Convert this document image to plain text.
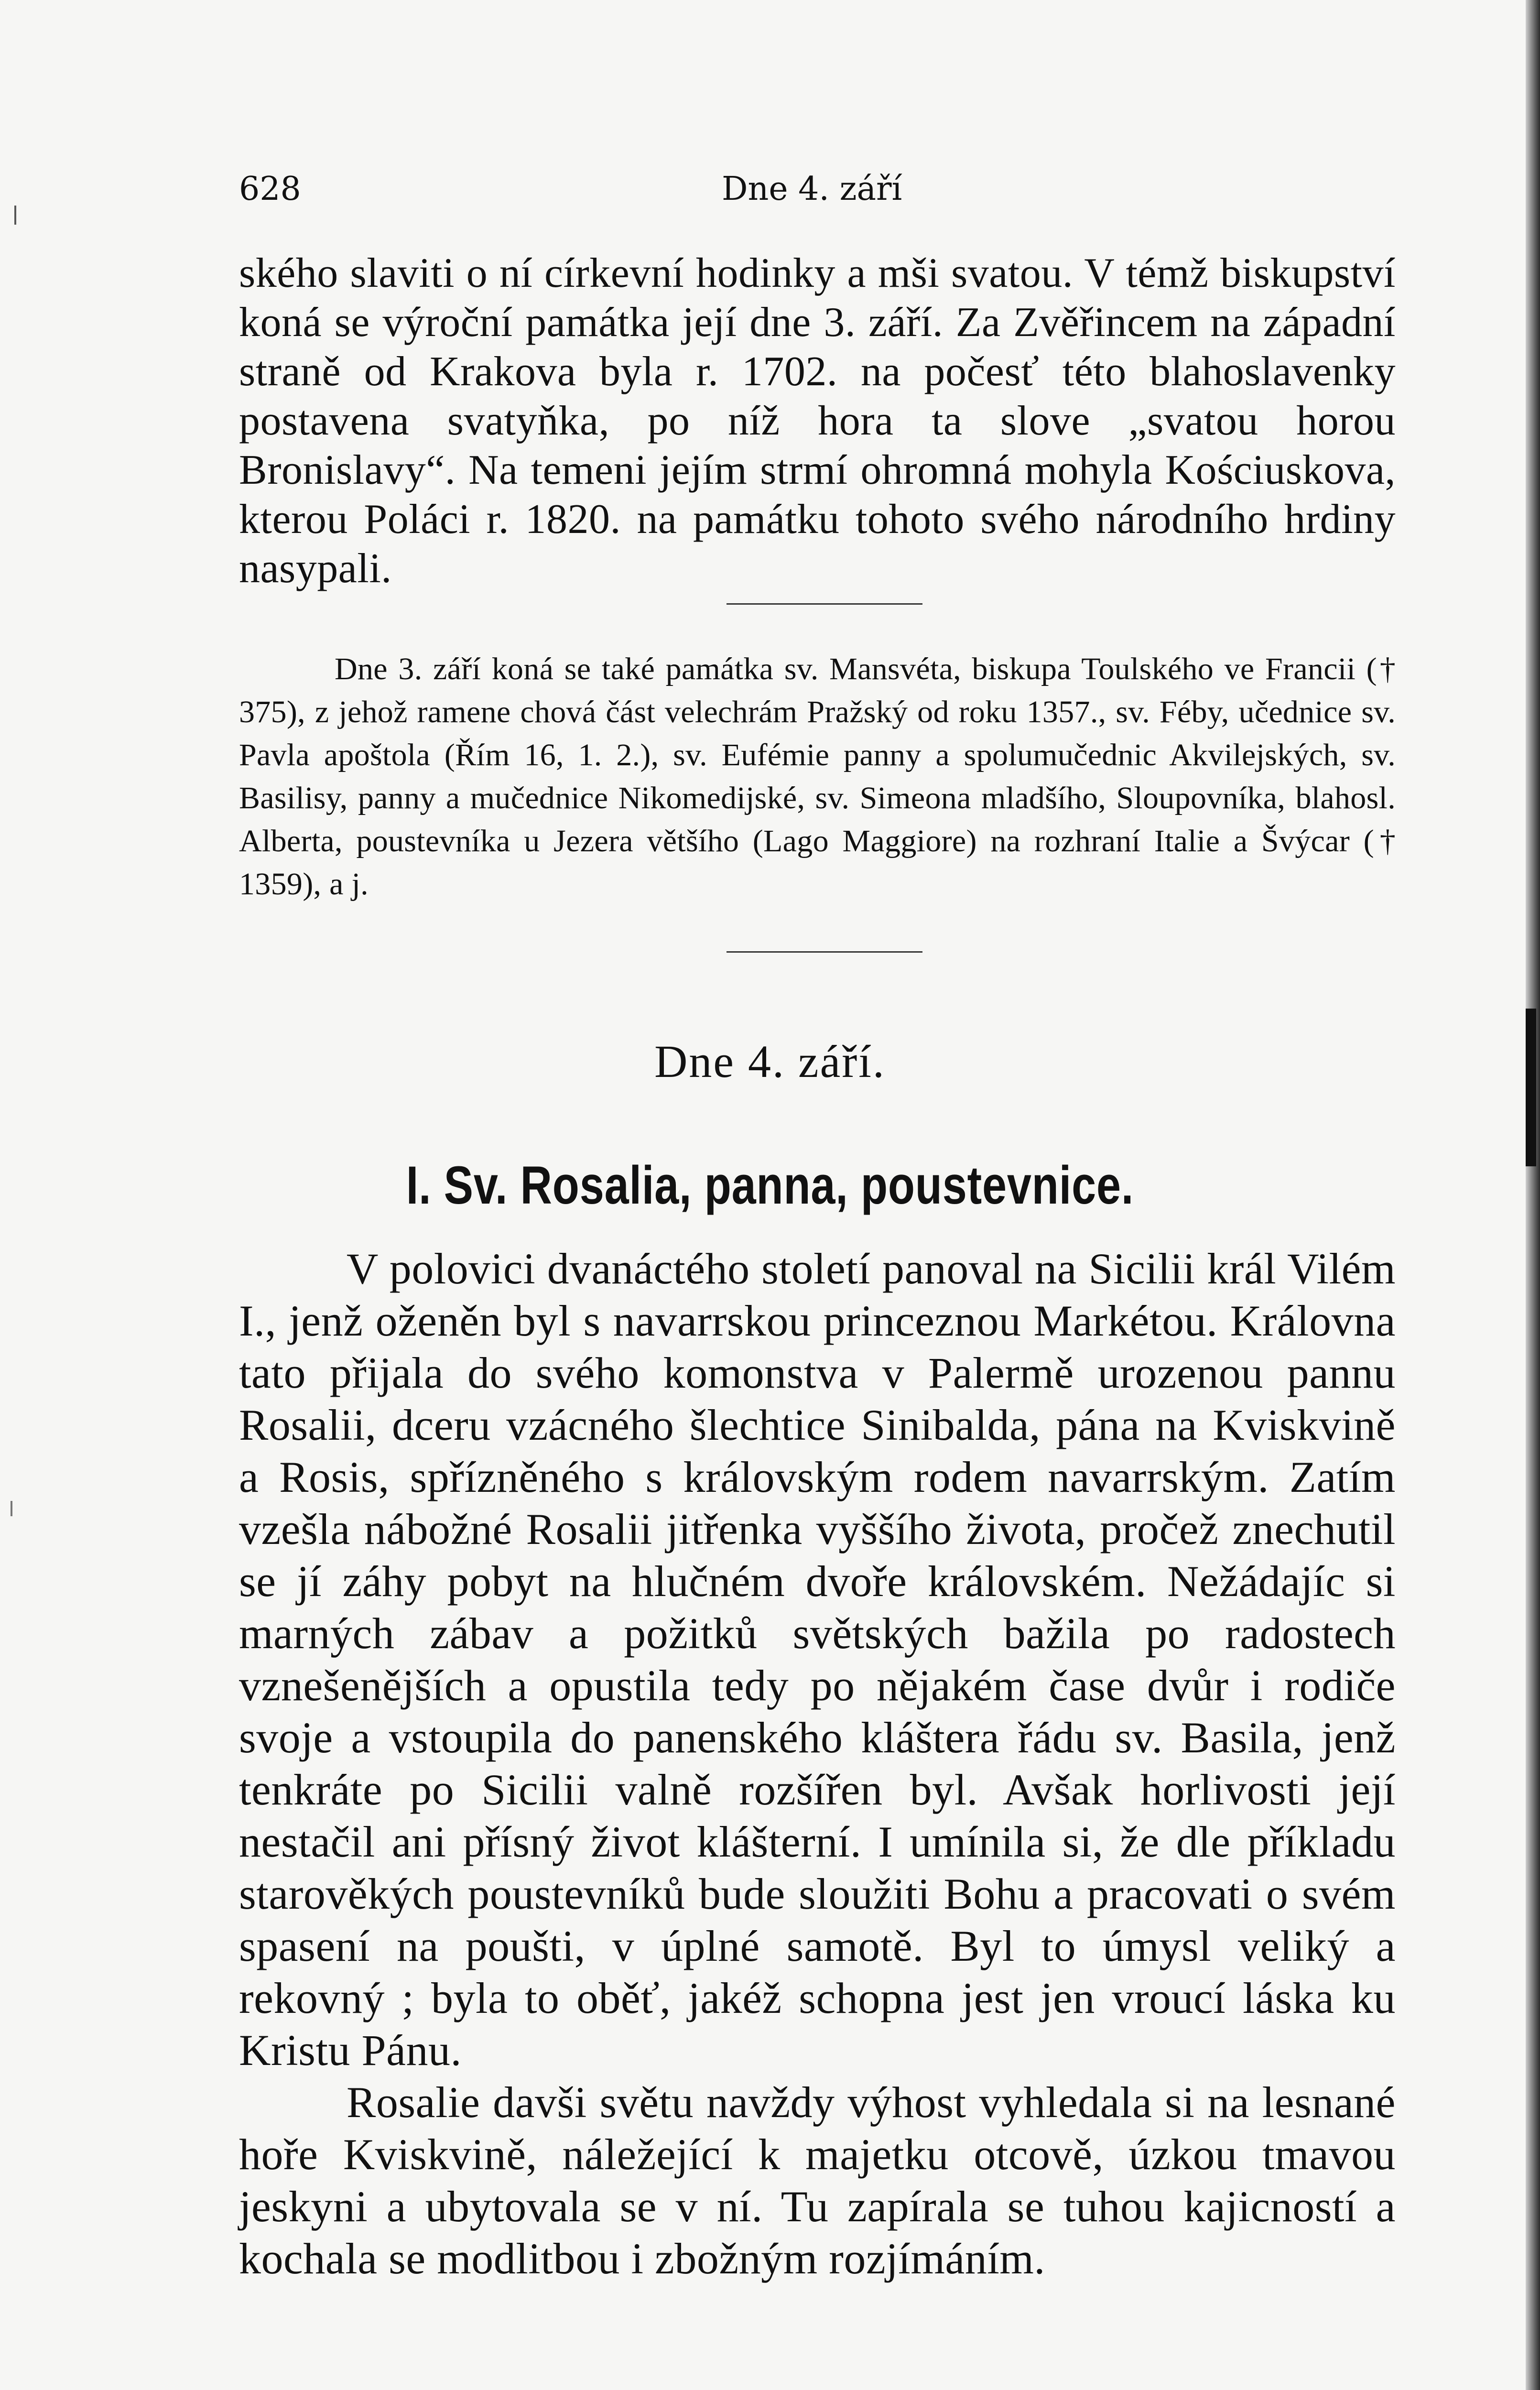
628	Dne 4. září

ského slaviti o ní církevní hodinky a mši svatou. V témž biskupství koná se výroční památka její dne 3. září. Za Zvěřincem na západní straně od Krakova byla r. 1702. na počesť této blahoslavenky postavena svatyňka, po níž hora ta slove „svatou horou Bronislavy“. Na temeni jejím strmí ohromná mohyla Kościuskova, kterou Poláci r. 1820. na památku tohoto svého národního hrdiny nasypali.

Dne 3. září koná se také památka sv. Mansvéta, biskupa Toulského ve Francii († 375), z jehož ramene chová část velechrám Pražský od roku 1357., sv. Féby, učednice sv. Pavla apoštola (Řím 16, 1. 2.), sv. Eufémie panny a spolumučednic Akvilejských, sv. Basilisy, panny a mučednice Nikomedijské, sv. Simeona mladšího, Sloupovníka, blahosl. Alberta, poustevníka u Jezera většího (Lago Maggiore) na rozhraní Italie a Švýcar († 1359), a j.

Dne 4. září.
I. Sv. Rosalia, panna, poustevnice.

V polovici dvanáctého století panoval na Sicilii král Vilém I., jenž oženěn byl s navarrskou princeznou Markétou. Královna tato přijala do svého komonstva v Palermě urozenou pannu Rosalii, dceru vzácného šlechtice Sinibalda, pána na Kviskvině a Rosis, spřízněného s královským rodem navarrským. Zatím vzešla nábožné Rosalii jitřenka vyššího života, pročež znechutil se jí záhy pobyt na hlučném dvoře královském. Nežádajíc si marných zábav a požitků světských bažila po radostech vznešenějších a opustila tedy po nějakém čase dvůr i rodiče svoje a vstoupila do panenského kláštera řádu sv. Basila, jenž tenkráte po Sicilii valně rozšířen byl. Avšak horlivosti její nestačil ani přísný život klášterní. I umínila si, že dle příkladu starověkých poustevníků bude sloužiti Bohu a pracovati o svém spasení na poušti, v úplné samotě. Byl to úmysl veliký a rekovný ; byla to oběť, jakéž schopna jest jen vroucí láska ku Kristu Pánu.

Rosalie davši světu navždy výhost vyhledala si na lesnané hoře Kviskvině, náležející k majetku otcově, úzkou tmavou jeskyni a ubytovala se v ní. Tu zapírala se tuhou kajicností a kochala se modlitbou i zbožným rozjímáním.
